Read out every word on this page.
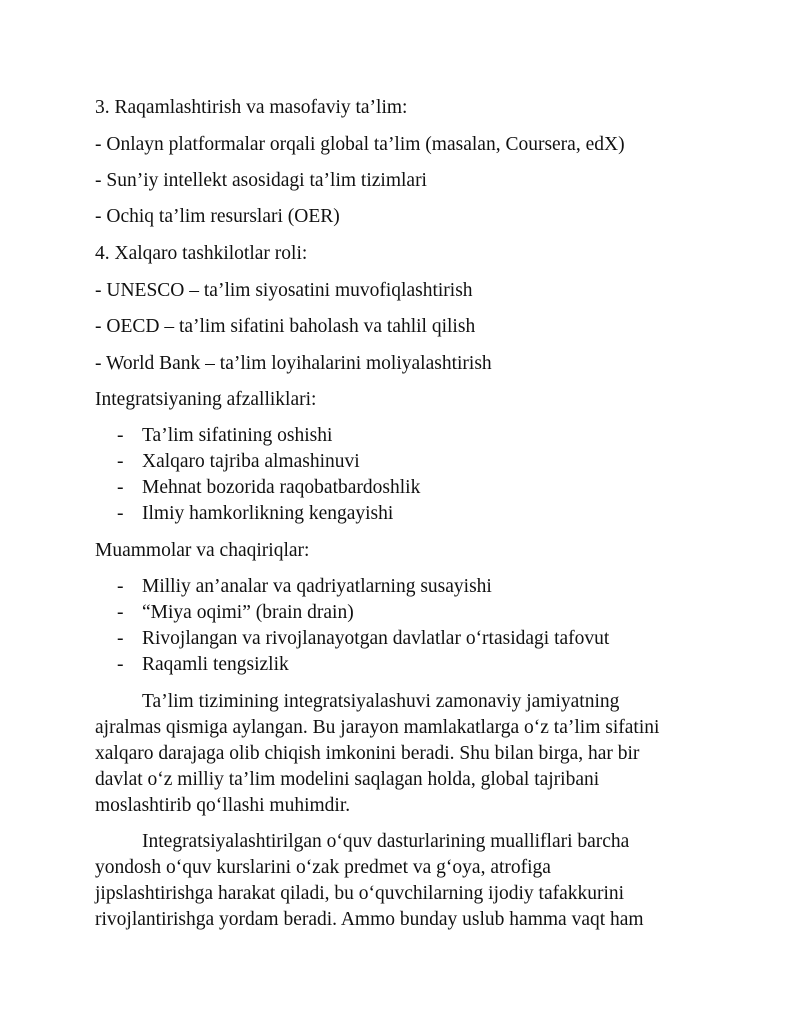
3. Raqamlashtirish va masofaviy ta’lim:
- Onlayn platformalar orqali global ta’lim (masalan, Coursera, edX)
- Sun’iy intellekt asosidagi ta’lim tizimlari
- Ochiq ta’lim resurslari (OER)
4. Xalqaro tashkilotlar roli:
- UNESCO – ta’lim siyosatini muvofiqlashtirish
- OECD – ta’lim sifatini baholash va tahlil qilish
- World Bank – ta’lim loyihalarini moliyalashtirish
Integratsiyaning afzalliklari:
- Ta’lim sifatining oshishi
- Xalqaro tajriba almashinuvi
- Mehnat bozorida raqobatbardoshlik
- Ilmiy hamkorlikning kengayishi
Muammolar va chaqiriqlar:
- Milliy an’analar va qadriyatlarning susayishi
- “Miya oqimi” (brain drain)
- Rivojlangan va rivojlanayotgan davlatlar o‘rtasidagi tafovut
- Raqamli tengsizlik
Ta’lim tizimining integratsiyalashuvi zamonaviy jamiyatning
ajralmas qismiga aylangan. Bu jarayon mamlakatlarga o‘z ta’lim sifatini
xalqaro darajaga olib chiqish imkonini beradi. Shu bilan birga, har bir
davlat o‘z milliy ta’lim modelini saqlagan holda, global tajribani
moslashtirib qo‘llashi muhimdir.
Integratsiyalashtirilgan o‘quv dasturlarining mualliflari barcha
yondosh o‘quv kurslarini o‘zak predmet va g‘oya, atrofiga
jipslashtirishga harakat qiladi, bu o‘quvchilarning ijodiy tafakkurini
rivojlantirishga yordam beradi. Ammo bunday uslub hamma vaqt ham
